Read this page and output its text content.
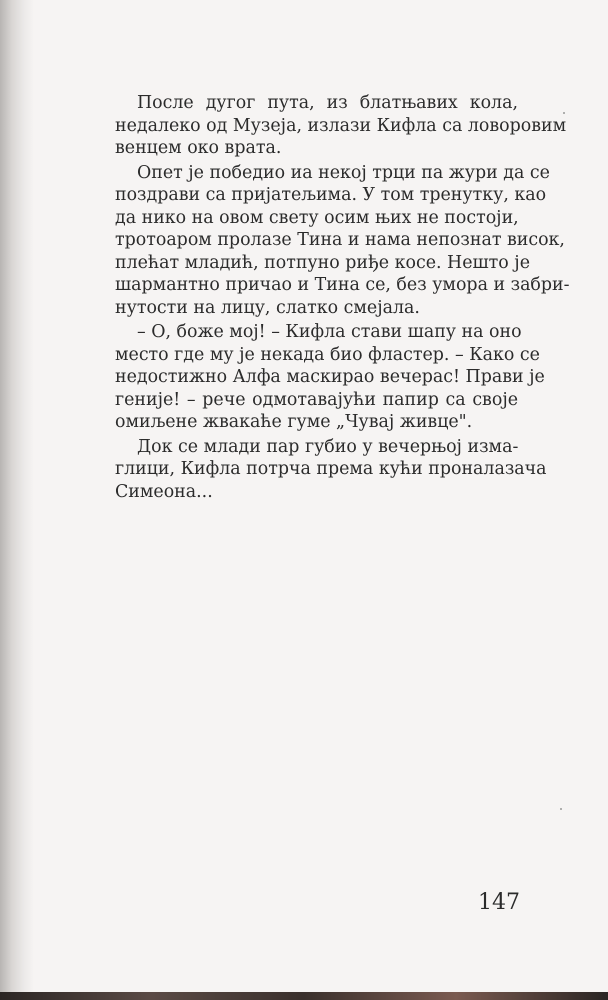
После дугог пута, из блатњавих кола,
недалеко од Музеја, излази Кифла са ловоровим
венцем око врата.

Опет је победио иа некој трци па жури да се
поздрави са пријатељима. У том тренутку, као
да нико на овом свету осим њих не постоји,
тротоаром пролазе Тина и нама непознат висок,
плећат младић, потпуно риђе косе. Нешто је
шармантно причао и Тина се, без умора и забри-
нутости на лицу, слатко смејала.

– О, боже мој! – Кифла стави шапу на оно
место где му је некада био фластер. – Како се
недостижно Алфа маскирао вечерас! Прави је
геније! – рече одмотавајући папир са своје
омиљене жвакаће гуме „Чувај живце".

Док се млади пар губио у вечерњој изма-
глици, Кифла потрча према кући проналазача
Симеона...

147
